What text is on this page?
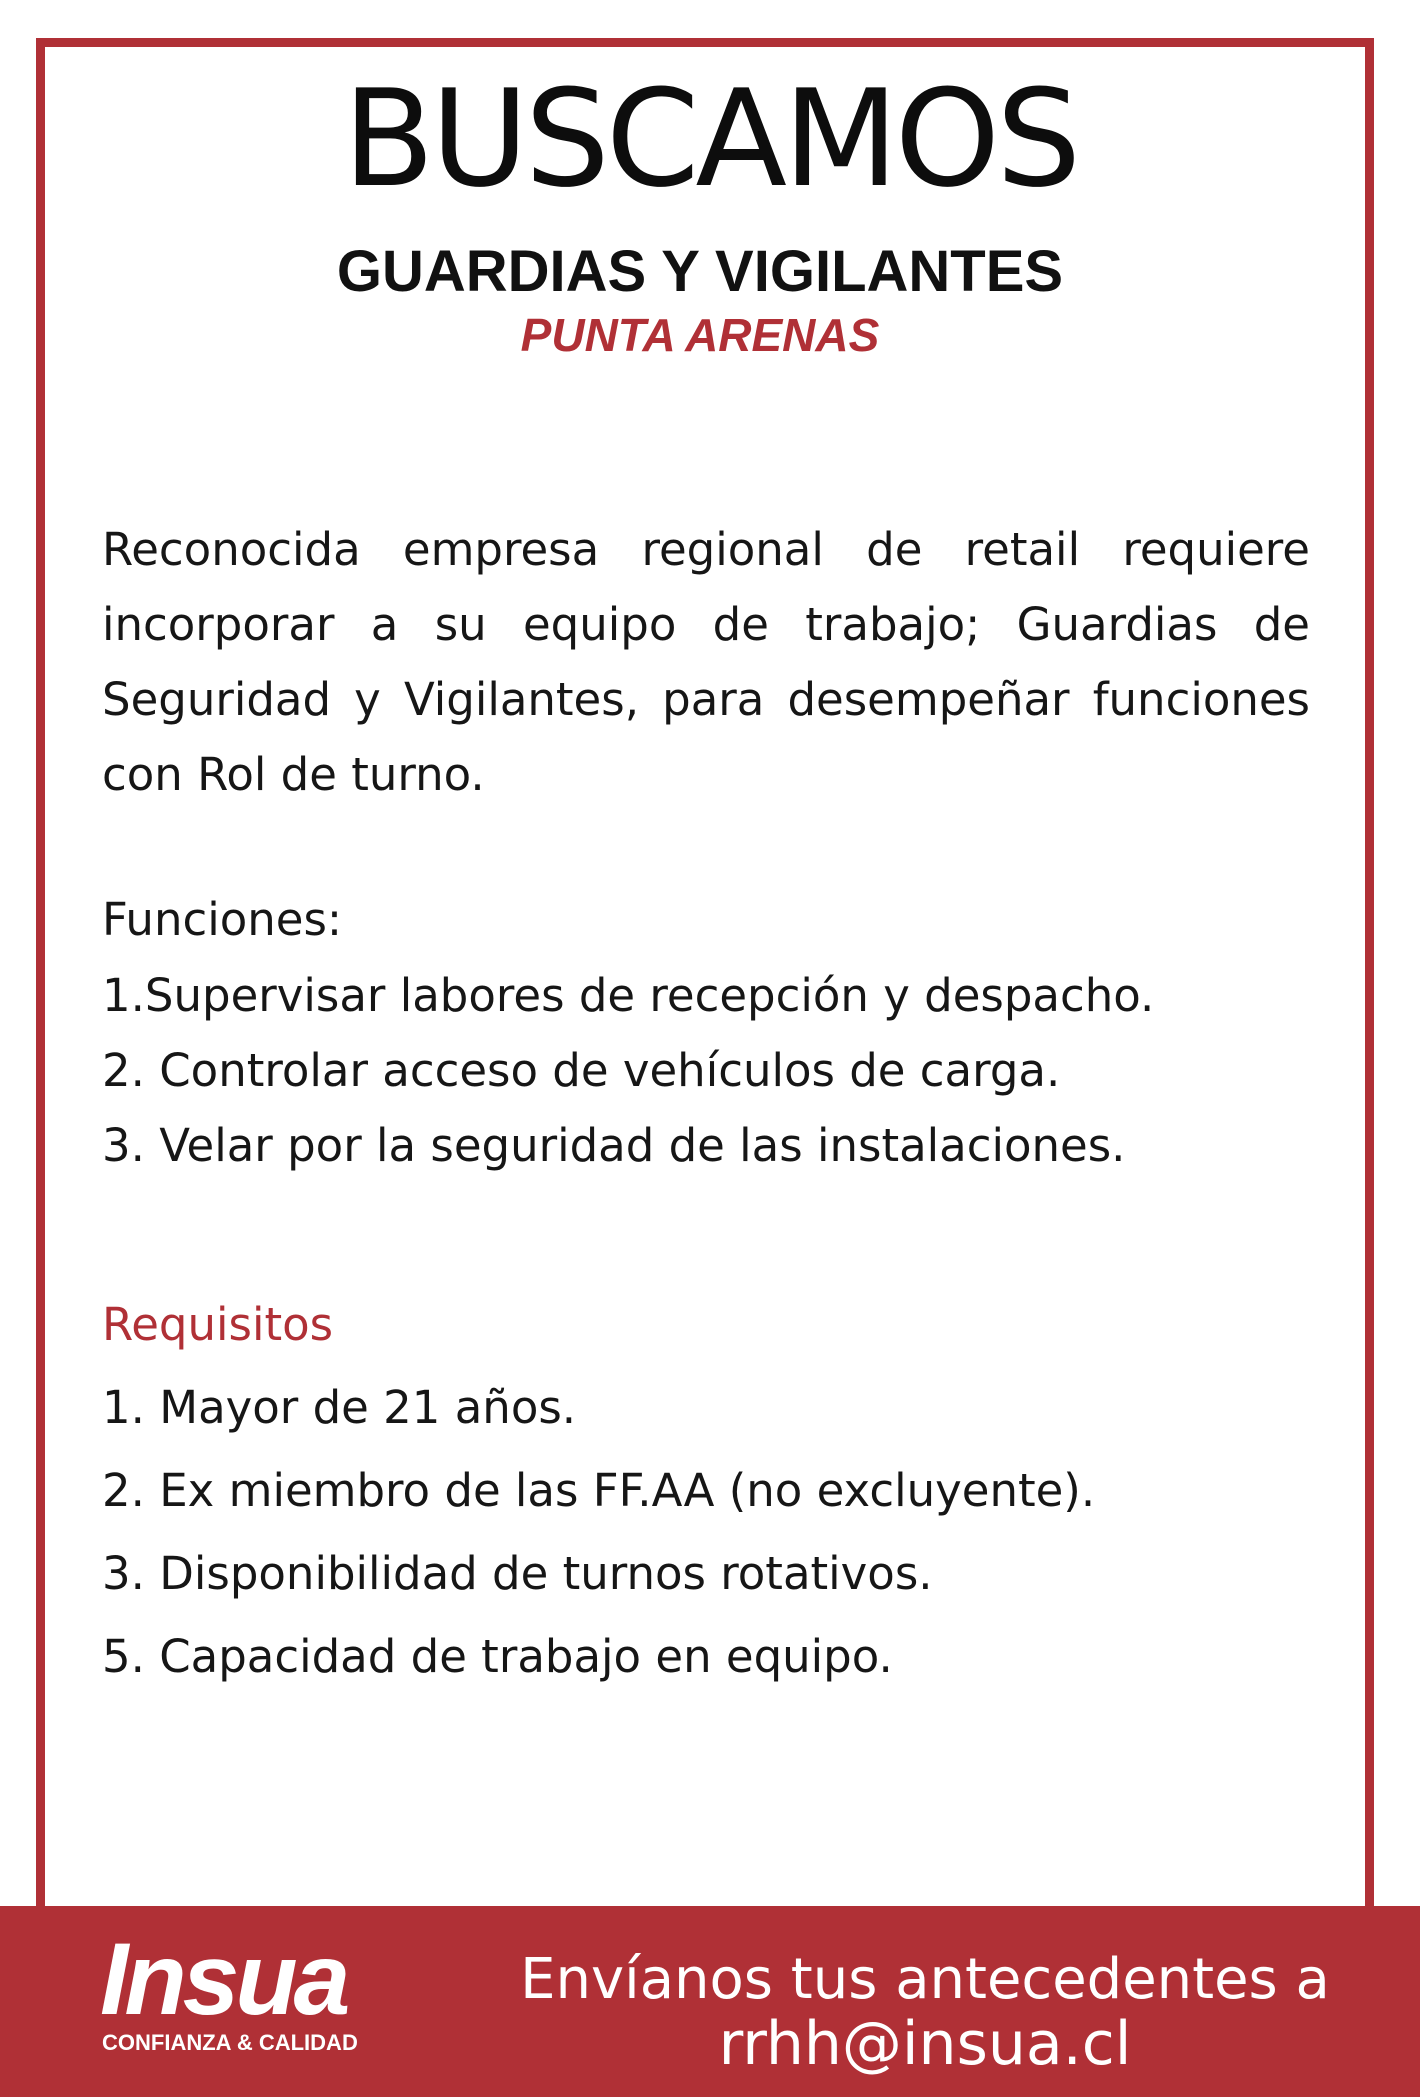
BUSCAMOS
GUARDIAS Y VIGILANTES
PUNTA ARENAS

Reconocida empresa regional de retail requiere incorporar a su equipo de trabajo; Guardias de Seguridad y Vigilantes, para desempeñar funciones con Rol de turno.

Funciones:
1.Supervisar labores de recepción y despacho.
2. Controlar acceso de vehículos de carga.
3. Velar por la seguridad de las instalaciones.
Requisitos
1. Mayor de 21 años.
2. Ex miembro de las FF.AA (no excluyente).
3. Disponibilidad de turnos rotativos.
5. Capacidad de trabajo en equipo.
Insua
CONFIANZA & CALIDAD
Envíanos tus antecedentes a
rrhh@insua.cl
